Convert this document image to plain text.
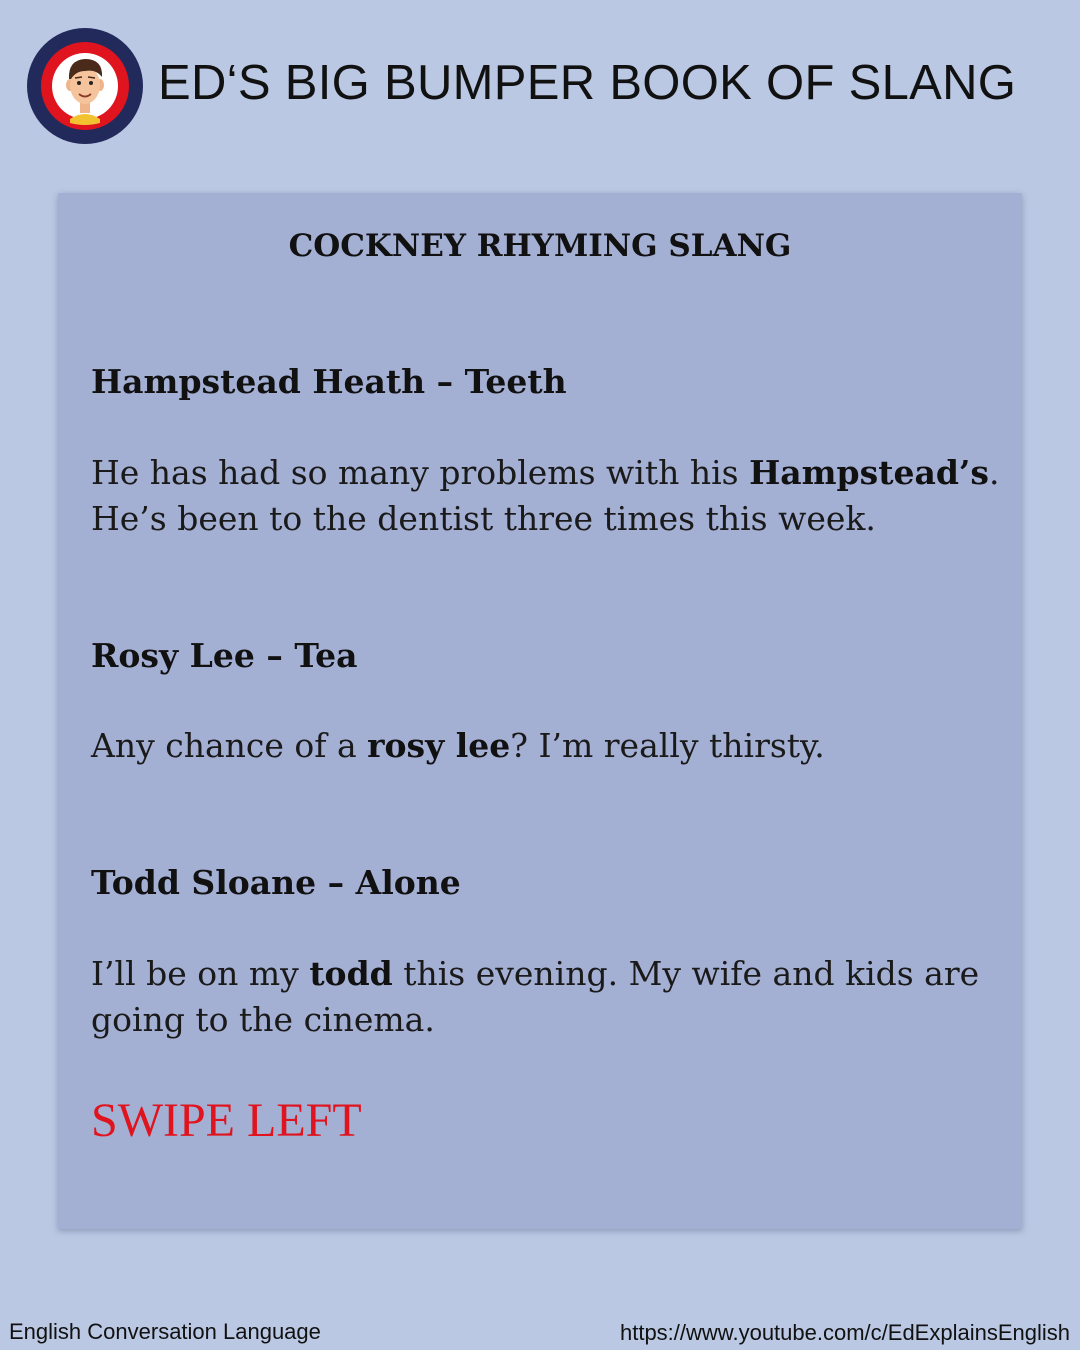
ED‘S BIG BUMPER BOOK OF SLANG
COCKNEY RHYMING SLANG
Hampstead Heath – Teeth
He has had so many problems with his Hampstead’s. He’s been to the dentist three times this week.
Rosy Lee – Tea
Any chance of a rosy lee? I’m really thirsty.
Todd Sloane – Alone
I’ll be on my todd this evening. My wife and kids are going to the cinema.
SWIPE LEFT
English Conversation Language	https://www.youtube.com/c/EdExplainsEnglish
